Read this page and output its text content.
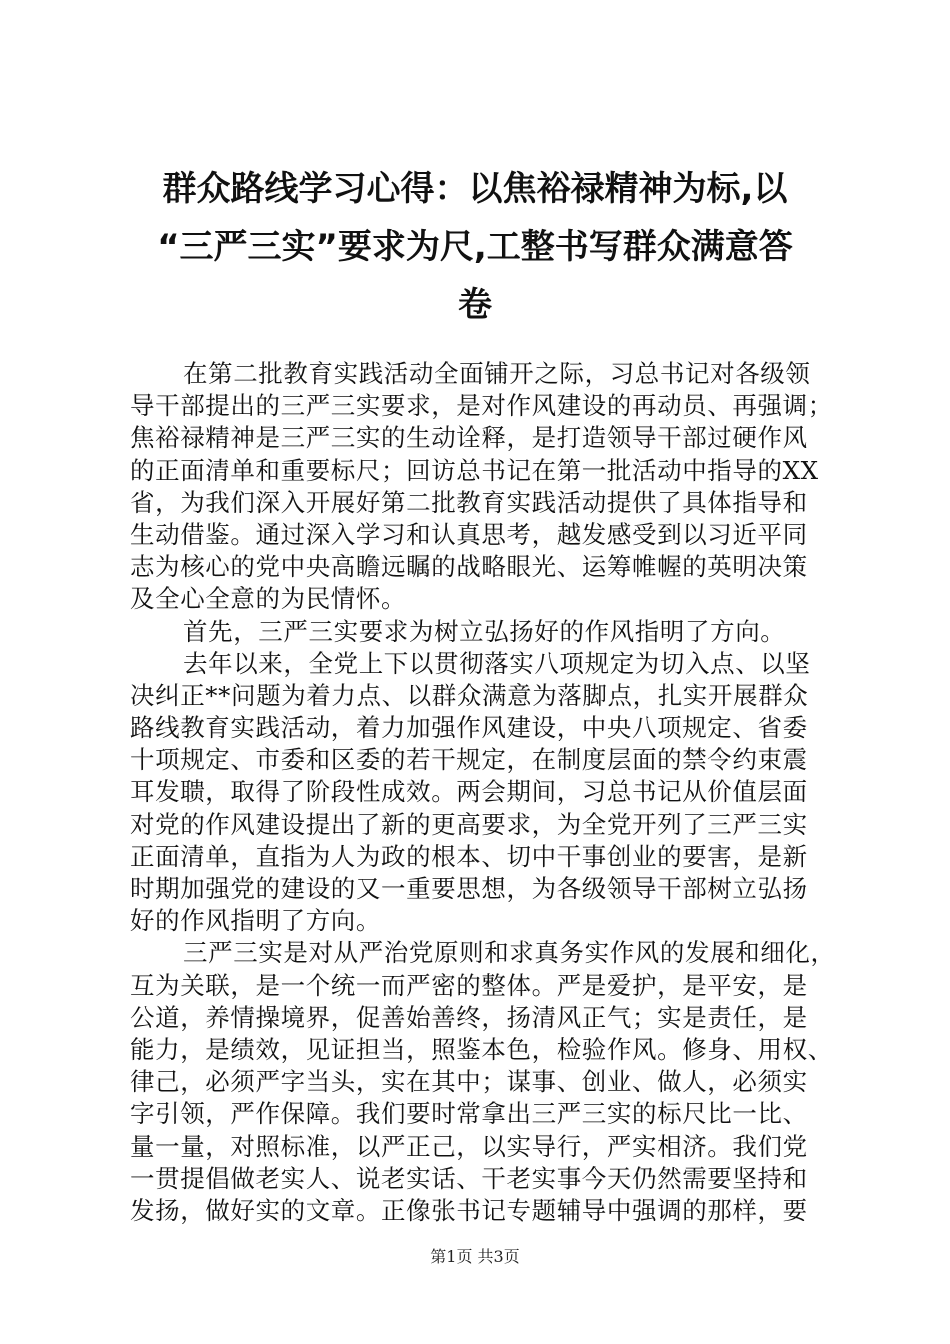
群众路线学习心得：以焦裕禄精神为标,以
“三严三实”要求为尺,工整书写群众满意答
卷
在第二批教育实践活动全面铺开之际，习总书记对各级领
导干部提出的三严三实要求，是对作风建设的再动员、再强调；
焦裕禄精神是三严三实的生动诠释，是打造领导干部过硬作风
的正面清单和重要标尺；回访总书记在第一批活动中指导的XX
省，为我们深入开展好第二批教育实践活动提供了具体指导和
生动借鉴。通过深入学习和认真思考，越发感受到以习近平同
志为核心的党中央高瞻远瞩的战略眼光、运筹帷幄的英明决策
及全心全意的为民情怀。
首先，三严三实要求为树立弘扬好的作风指明了方向。
去年以来，全党上下以贯彻落实八项规定为切入点、以坚
决纠正**问题为着力点、以群众满意为落脚点，扎实开展群众
路线教育实践活动，着力加强作风建设，中央八项规定、省委
十项规定、市委和区委的若干规定，在制度层面的禁令约束震
耳发聩，取得了阶段性成效。两会期间，习总书记从价值层面
对党的作风建设提出了新的更高要求，为全党开列了三严三实
正面清单，直指为人为政的根本、切中干事创业的要害，是新
时期加强党的建设的又一重要思想，为各级领导干部树立弘扬
好的作风指明了方向。
三严三实是对从严治党原则和求真务实作风的发展和细化，
互为关联，是一个统一而严密的整体。严是爱护，是平安，是
公道，养情操境界，促善始善终，扬清风正气；实是责任，是
能力，是绩效，见证担当，照鉴本色，检验作风。修身、用权、
律己，必须严字当头，实在其中；谋事、创业、做人，必须实
字引领，严作保障。我们要时常拿出三严三实的标尺比一比、
量一量，对照标准，以严正己，以实导行，严实相济。我们党
一贯提倡做老实人、说老实话、干老实事今天仍然需要坚持和
发扬，做好实的文章。正像张书记专题辅导中强调的那样，要
第1页 共3页
